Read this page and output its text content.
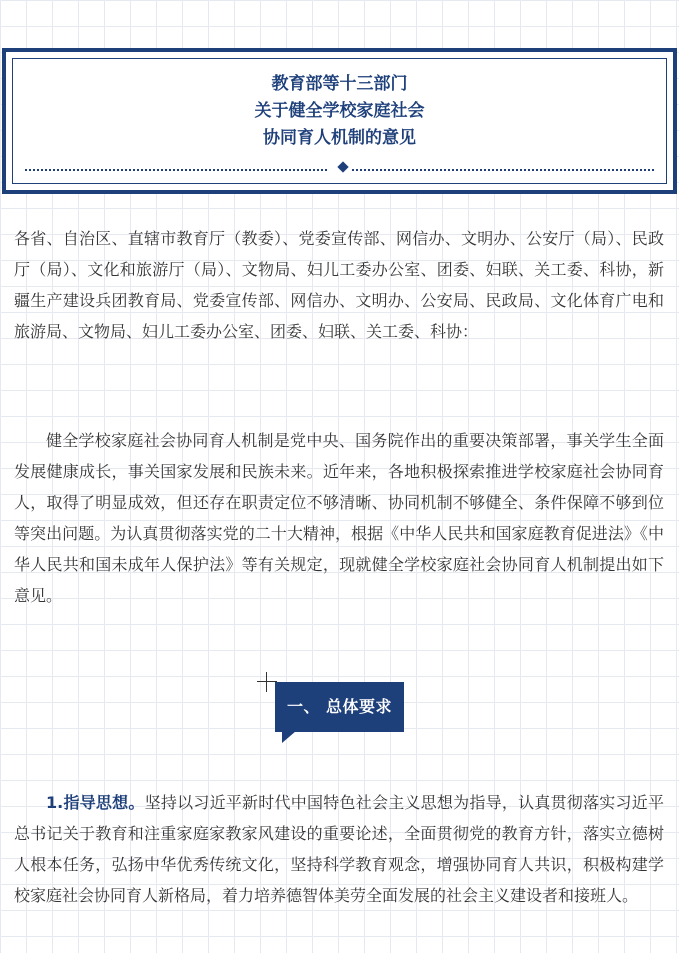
教育部等十三部门
关于健全学校家庭社会
协同育人机制的意见

各省、自治区、直辖市教育厅（教委）、党委宣传部、网信办、文明办、公安厅（局）、民政厅（局）、文化和旅游厅（局）、文物局、妇儿工委办公室、团委、妇联、关工委、科协，新疆生产建设兵团教育局、党委宣传部、网信办、文明办、公安局、民政局、文化体育广电和旅游局、文物局、妇儿工委办公室、团委、妇联、关工委、科协：

健全学校家庭社会协同育人机制是党中央、国务院作出的重要决策部署，事关学生全面发展健康成长，事关国家发展和民族未来。近年来，各地积极探索推进学校家庭社会协同育人，取得了明显成效，但还存在职责定位不够清晰、协同机制不够健全、条件保障不够到位等突出问题。为认真贯彻落实党的二十大精神，根据《中华人民共和国家庭教育促进法》《中华人民共和国未成年人保护法》等有关规定，现就健全学校家庭社会协同育人机制提出如下意见。

一、 总体要求

1.指导思想。坚持以习近平新时代中国特色社会主义思想为指导，认真贯彻落实习近平总书记关于教育和注重家庭家教家风建设的重要论述，全面贯彻党的教育方针，落实立德树人根本任务，弘扬中华优秀传统文化，坚持科学教育观念，增强协同育人共识，积极构建学校家庭社会协同育人新格局，着力培养德智体美劳全面发展的社会主义建设者和接班人。
